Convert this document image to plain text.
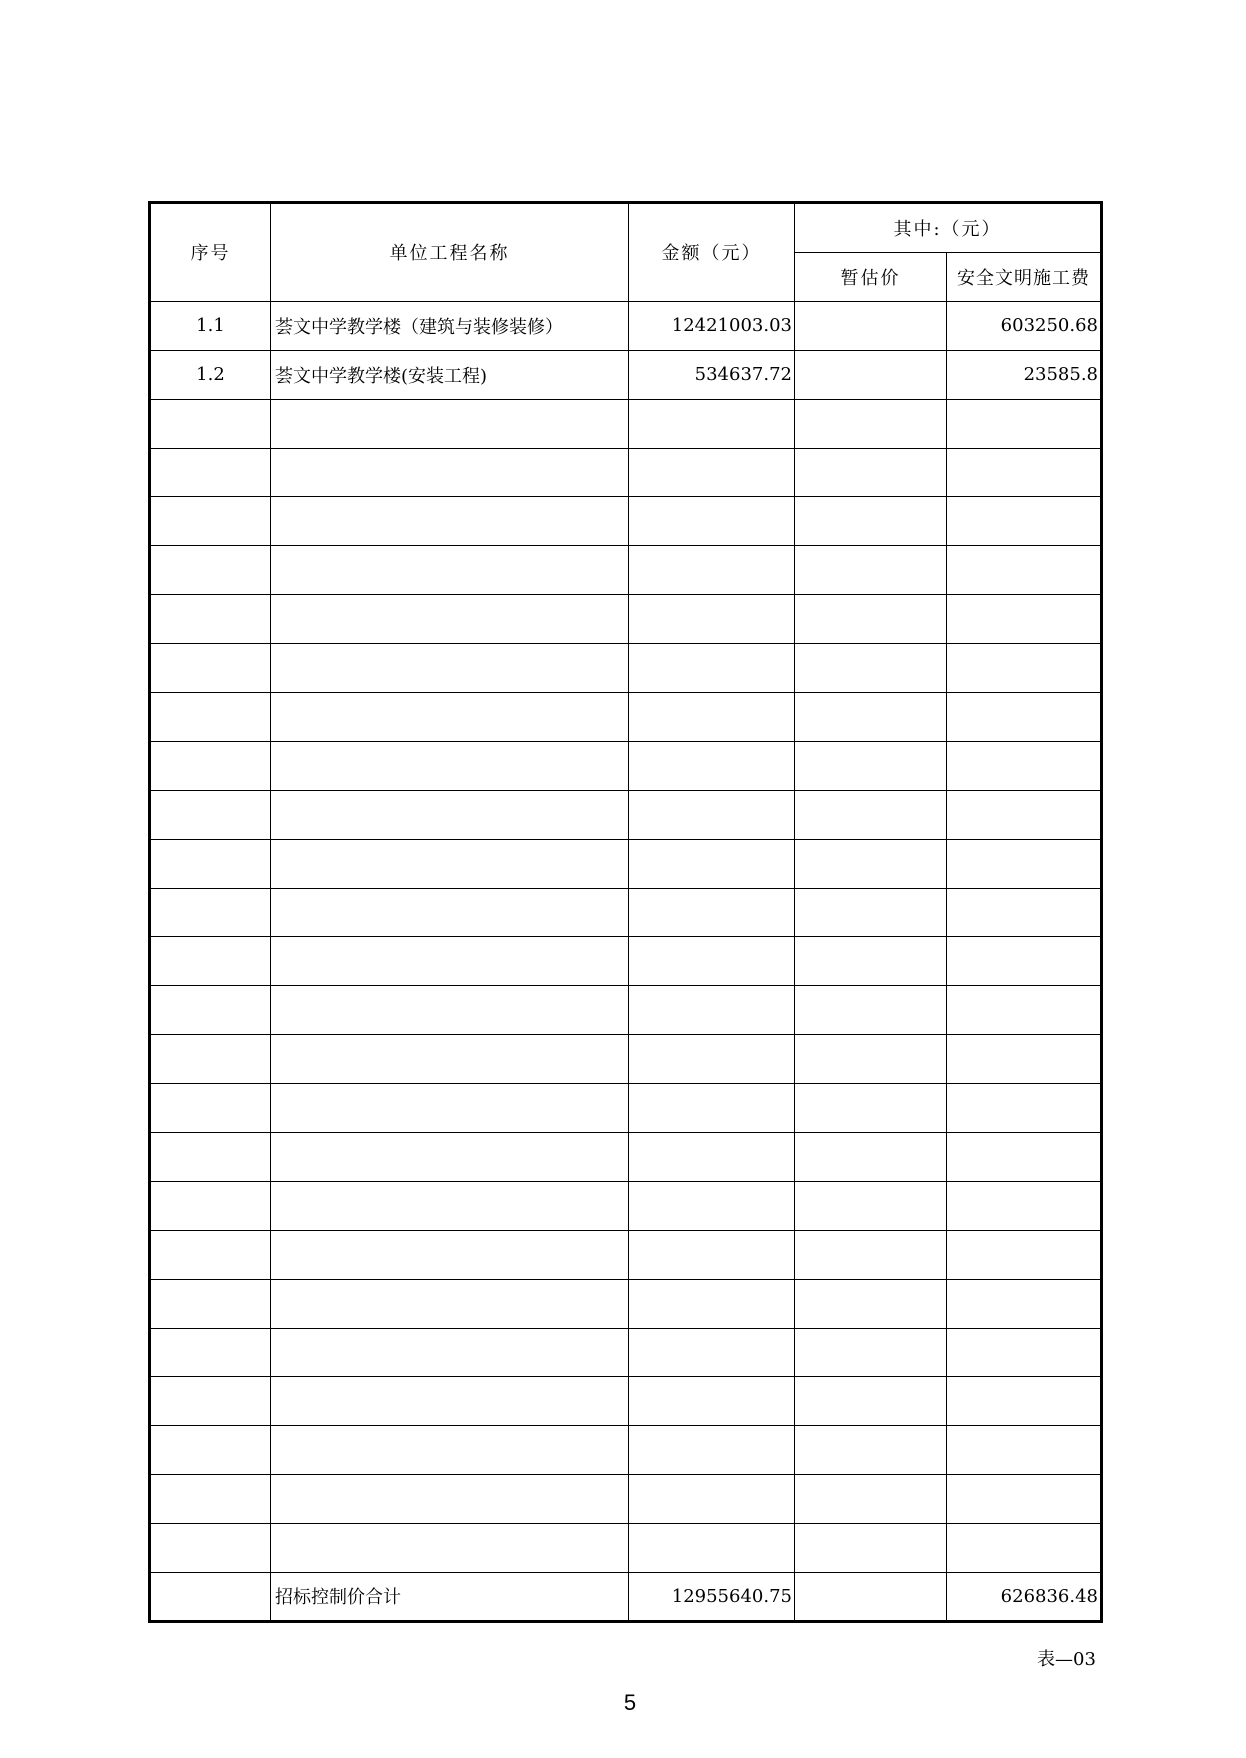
序号	单位工程名称	金额（元）	其中:（元）	
			暂估价	安全文明施工费
1.1	荟文中学教学楼（建筑与装修装修）	12421003.03		603250.68
1.2	荟文中学教学楼(安装工程)	534637.72		23585.8

	招标控制价合计	12955640.75		626836.48
表—03
5
